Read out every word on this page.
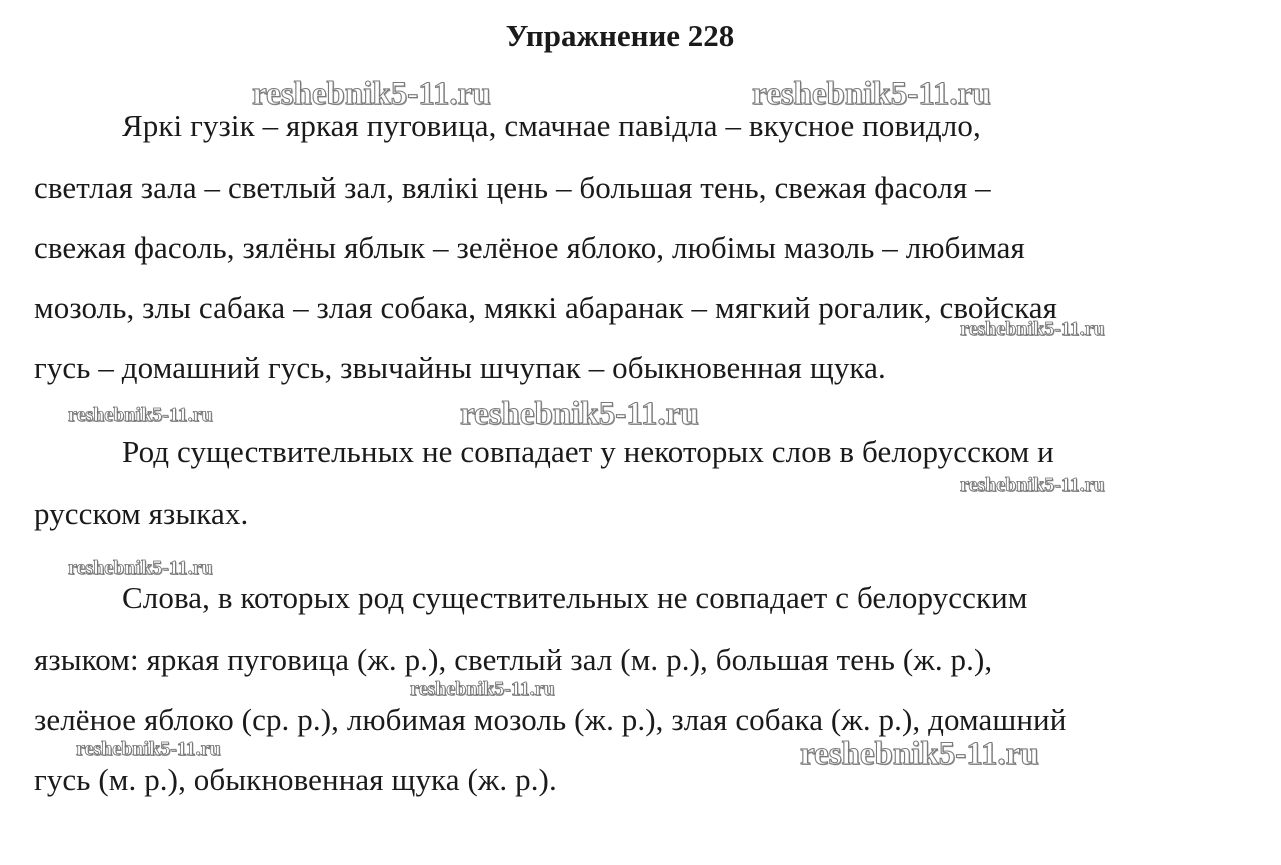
Упражнение 228
Яркі гузік – яркая пуговица, смачнае павідла – вкусное повидло,
светлая зала – светлый зал, вялікі цень – большая тень, свежая фасоля –
свежая фасоль, зялёны яблык – зелёное яблоко, любімы мазоль – любимая
мозоль, злы сабака – злая собака, мяккі абаранак – мягкий рогалик, свойская
гусь – домашний гусь, звычайны шчупак – обыкновенная щука.
Род существительных не совпадает у некоторых слов в белорусском и
русском языках.
Слова, в которых род существительных не совпадает с белорусским
языком: яркая пуговица (ж. р.), светлый зал (м. р.), большая тень (ж. р.),
зелёное яблоко (ср. р.), любимая мозоль (ж. р.), злая собака (ж. р.), домашний
гусь (м. р.), обыкновенная щука (ж. р.).
reshebnik5-11.ru	reshebnik5-11.ru
reshebnik5-11.ru
reshebnik5-11.ru	reshebnik5-11.ru
reshebnik5-11.ru
reshebnik5-11.ru
reshebnik5-11.ru
reshebnik5-11.ru	reshebnik5-11.ru
